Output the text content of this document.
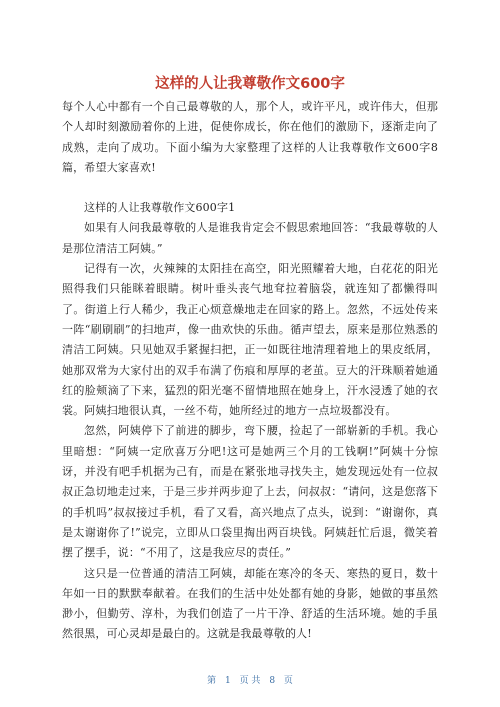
这样的人让我尊敬作文600字

每个人心中都有一个自己最尊敬的人，那个人，或许平凡，或许伟大，但那个人却时刻激励着你的上进，促使你成长，你在他们的激励下，逐渐走向了成熟，走向了成功。下面小编为大家整理了这样的人让我尊敬作文600字8篇，希望大家喜欢!

这样的人让我尊敬作文600字1

如果有人问我最尊敬的人是谁我肯定会不假思索地回答：“我最尊敬的人是那位清洁工阿姨。”

记得有一次，火辣辣的太阳挂在高空，阳光照耀着大地，白花花的阳光照得我们只能眯着眼睛。树叶垂头丧气地耷拉着脑袋，就连知了都懒得叫了。街道上行人稀少，我正心烦意燥地走在回家的路上。忽然，不远处传来一阵“刷刷刷”的扫地声，像一曲欢快的乐曲。循声望去，原来是那位熟悉的清洁工阿姨。只见她双手紧握扫把，正一如既往地清理着地上的果皮纸屑，她那双常为大家付出的双手布满了伤痕和厚厚的老茧。豆大的汗珠顺着她通红的脸颊滴了下来，猛烈的阳光毫不留情地照在她身上，汗水浸透了她的衣裳。阿姨扫地很认真，一丝不苟，她所经过的地方一点垃圾都没有。

忽然，阿姨停下了前进的脚步，弯下腰，捡起了一部崭新的手机。我心里暗想：“阿姨一定欣喜万分吧!这可是她两三个月的工钱啊!”阿姨十分惊讶，并没有吧手机据为己有，而是在紧张地寻找失主，她发现远处有一位叔叔正急切地走过来，于是三步并两步迎了上去，问叔叔：“请问，这是您落下的手机吗”叔叔接过手机，看了又看，高兴地点了点头，说到：“谢谢你，真是太谢谢你了!”说完，立即从口袋里掏出两百块钱。阿姨赶忙后退，微笑着摆了摆手，说：“不用了，这是我应尽的责任。”

这只是一位普通的清洁工阿姨，却能在寒冷的冬天、寒热的夏日，数十年如一日的默默奉献着。在我们的生活中处处都有她的身影，她做的事虽然渺小，但勤劳、淳朴，为我们创造了一片干净、舒适的生活环境。她的手虽然很黑，可心灵却是最白的。这就是我最尊敬的人!

第 1 页 共 8 页
